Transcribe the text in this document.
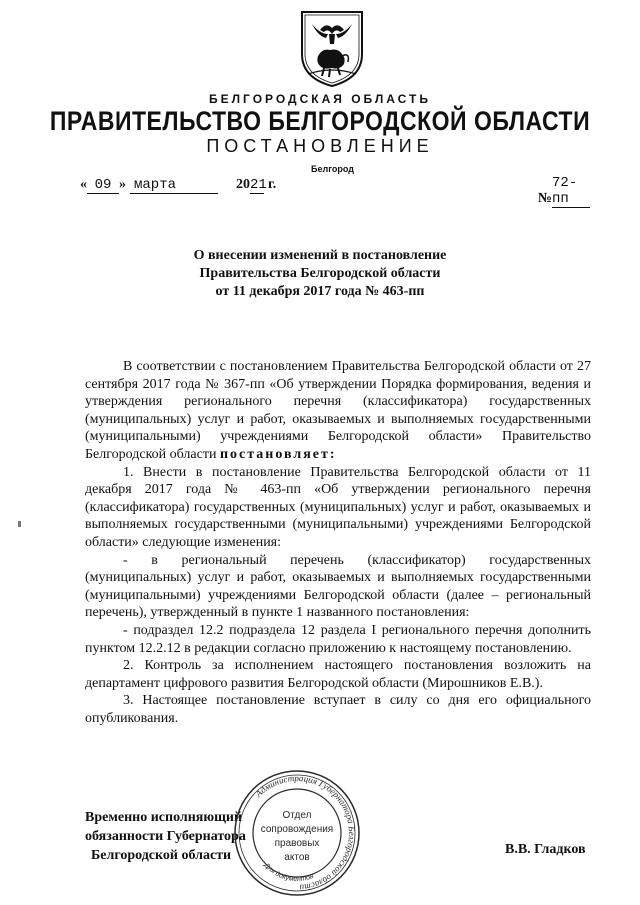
БЕЛГОРОДСКАЯ ОБЛАСТЬ
ПРАВИТЕЛЬСТВО БЕЛГОРОДСКОЙ ОБЛАСТИ
ПОСТАНОВЛЕНИЕ
Белгород
« 09 » марта	2021 г.
№72-пп
О внесении изменений в постановление
Правительства Белгородской области
от 11 декабря 2017 года № 463-пп

В соответствии с постановлением Правительства Белгородской области от 27 сентября 2017 года № 367-пп «Об утверждении Порядка формирования, ведения и утверждения регионального перечня (классификатора) государственных (муниципальных) услуг и работ, оказываемых и выполняемых государственными (муниципальными) учреждениями Белгородской области» Правительство Белгородской области постановляет:

1. Внести в постановление Правительства Белгородской области от 11 декабря 2017 года № 463-пп «Об утверждении регионального перечня (классификатора) государственных (муниципальных) услуг и работ, оказываемых и выполняемых государственными (муниципальными) учреждениями Белгородской области» следующие изменения:

- в региональный перечень (классификатор) государственных (муниципальных) услуг и работ, оказываемых и выполняемых государственными (муниципальными) учреждениями Белгородской области (далее – региональный перечень), утвержденный в пункте 1 названного постановления:

- подраздел 12.2 подраздела 12 раздела I регионального перечня дополнить пунктом 12.2.12 в редакции согласно приложению к настоящему постановлению.

2. Контроль за исполнением настоящего постановления возложить на департамент цифрового развития Белгородской области (Мирошников Е.В.).

3. Настоящее постановление вступает в силу со дня его официального опубликования.

Временно исполняющий
обязанности Губернатора
Белгородской области	В.В. Гладков
Администрация Губернатора Белгородской области
Для документов
Отдел
сопровождения
правовых
актов
